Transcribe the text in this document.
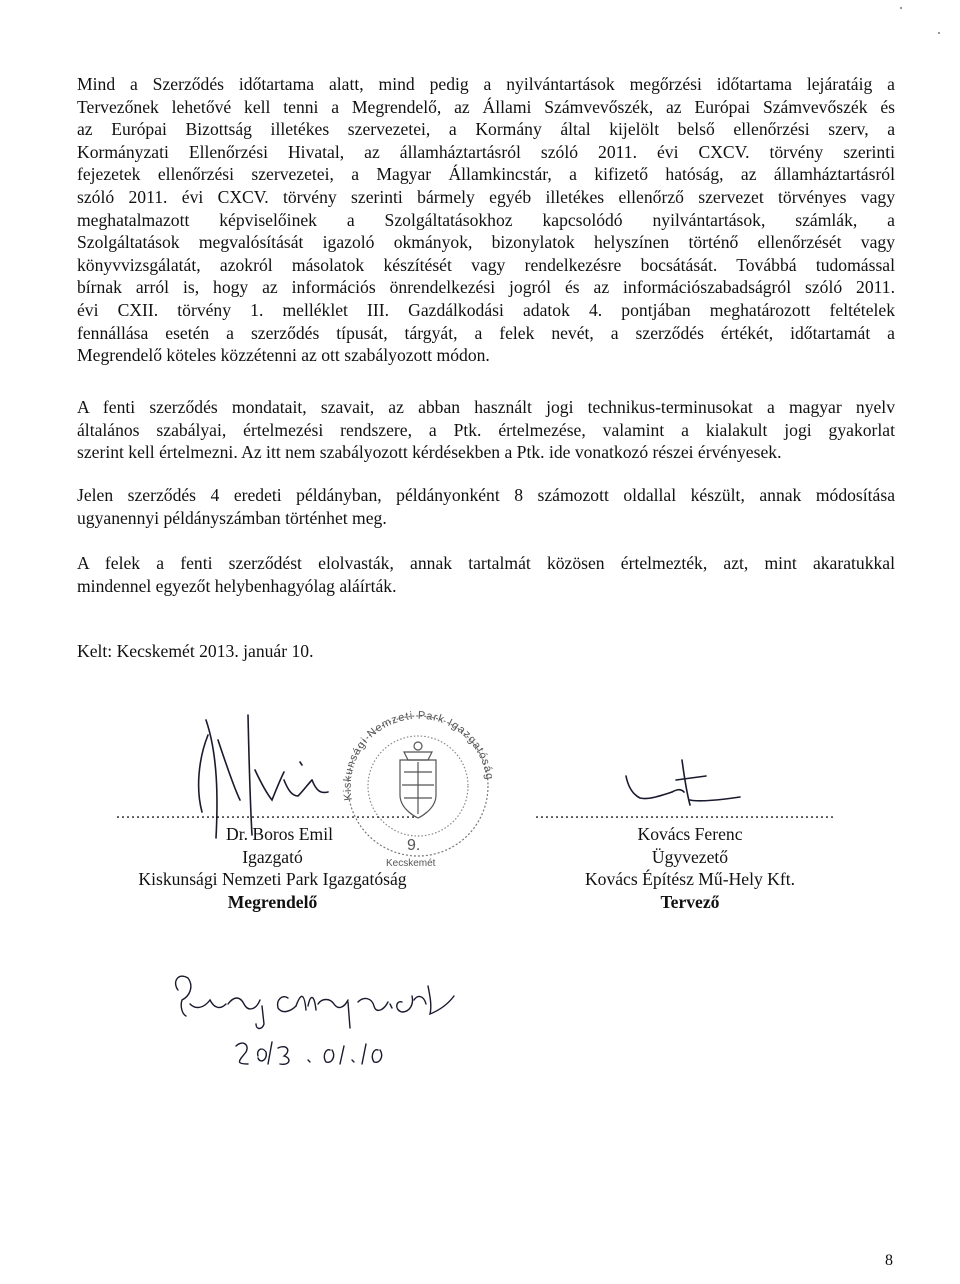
Mind a Szerződés időtartama alatt, mind pedig a nyilvántartások megőrzési időtartama lejáratáig a
Tervezőnek lehetővé kell tenni a Megrendelő, az Állami Számvevőszék, az Európai Számvevőszék és
az Európai Bizottság illetékes szervezetei, a Kormány által kijelölt belső ellenőrzési szerv, a
Kormányzati Ellenőrzési Hivatal, az államháztartásról szóló 2011. évi CXCV. törvény szerinti
fejezetek ellenőrzési szervezetei, a Magyar Államkincstár, a kifizető hatóság, az államháztartásról
szóló 2011. évi CXCV. törvény szerinti bármely egyéb illetékes ellenőrző szervezet törvényes vagy
meghatalmazott képviselőinek a Szolgáltatásokhoz kapcsolódó nyilvántartások, számlák, a
Szolgáltatások megvalósítását igazoló okmányok, bizonylatok helyszínen történő ellenőrzését vagy
könyvvizsgálatát, azokról másolatok készítését vagy rendelkezésre bocsátását. Továbbá tudomással
bírnak arról is, hogy az információs önrendelkezési jogról és az információszabadságról szóló 2011.
évi CXII. törvény 1. melléklet III. Gazdálkodási adatok 4. pontjában meghatározott feltételek
fennállása esetén a szerződés típusát, tárgyát, a felek nevét, a szerződés értékét, időtartamát a
Megrendelő köteles közzétenni az ott szabályozott módon.

A fenti szerződés mondatait, szavait, az abban használt jogi technikus-terminusokat a magyar nyelv
általános szabályai, értelmezési rendszere, a Ptk. értelmezése, valamint a kialakult jogi gyakorlat
szerint kell értelmezni. Az itt nem szabályozott kérdésekben a Ptk. ide vonatkozó részei érvényesek.

Jelen szerződés 4 eredeti példányban, példányonként 8 számozott oldallal készült, annak módosítása
ugyanennyi példányszámban történhet meg.

A felek a fenti szerződést elolvasták, annak tartalmát közösen értelmezték, azt, mint akaratukkal
mindennel egyezőt helybenhagyólag aláírták.

Kelt: Kecskemét 2013. január 10.

............................................................	............................................................
Dr. Boros Emil
Igazgató
Kiskunsági Nemzeti Park Igazgatóság
Megrendelő
Kovács Ferenc
Ügyvezető
Kovács Építész Mű-Hely Kft.
Tervező
9.
Kecskemét
Kiskunsági Nemzeti Park Igazgatóság
8
